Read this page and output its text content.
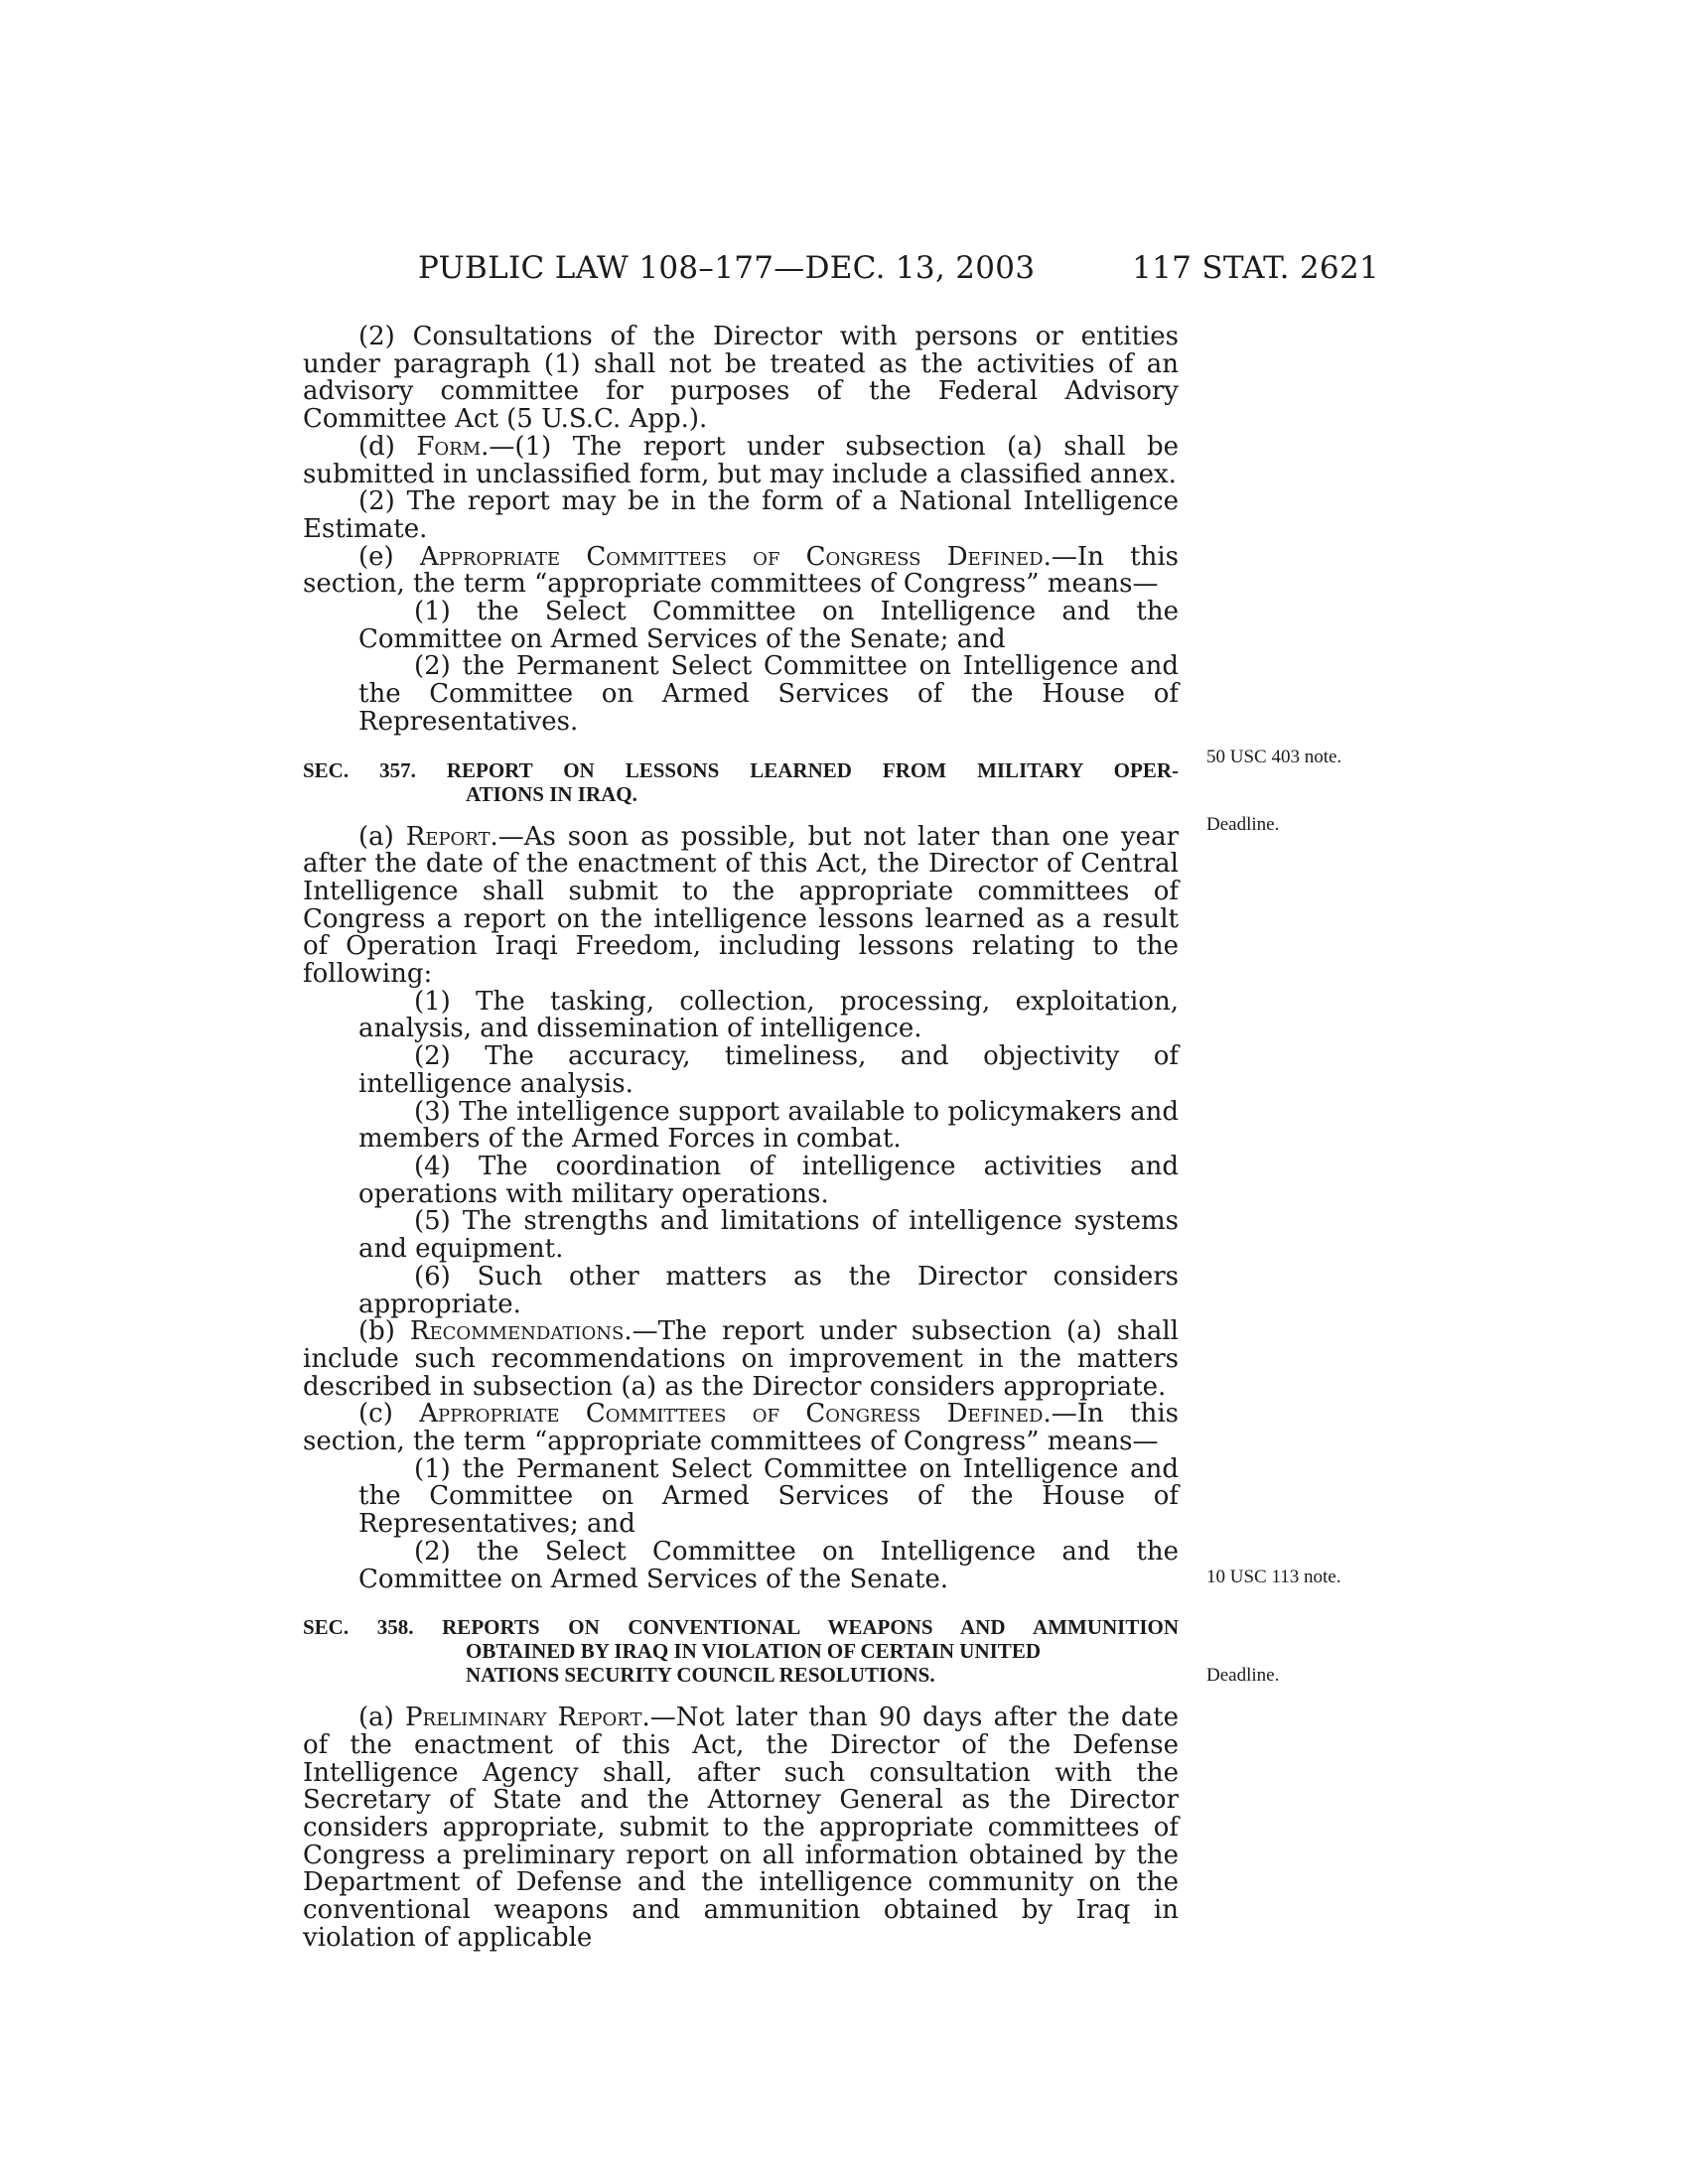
PUBLIC LAW 108–177—DEC. 13, 2003	117 STAT. 2621
50 USC 403 note.
Deadline.
10 USC 113 note.
Deadline.

(2) Consultations of the Director with persons or entities under paragraph (1) shall not be treated as the activities of an advisory committee for purposes of the Federal Advisory Committee Act (5 U.S.C. App.).

(d) Form.—(1) The report under subsection (a) shall be submitted in unclassified form, but may include a classified annex.

(2) The report may be in the form of a National Intelligence Estimate.

(e) Appropriate Committees of Congress Defined.—In this section, the term “appropriate committees of Congress” means—

(1) the Select Committee on Intelligence and the Committee on Armed Services of the Senate; and

(2) the Permanent Select Committee on Intelligence and the Committee on Armed Services of the House of Representatives.

SEC. 357. REPORT ON LESSONS LEARNED FROM MILITARY OPER-
ATIONS IN IRAQ.

(a) Report.—As soon as possible, but not later than one year after the date of the enactment of this Act, the Director of Central Intelligence shall submit to the appropriate committees of Congress a report on the intelligence lessons learned as a result of Operation Iraqi Freedom, including lessons relating to the following:

(1) The tasking, collection, processing, exploitation, analysis, and dissemination of intelligence.

(2) The accuracy, timeliness, and objectivity of intelligence analysis.

(3) The intelligence support available to policymakers and members of the Armed Forces in combat.

(4) The coordination of intelligence activities and operations with military operations.

(5) The strengths and limitations of intelligence systems and equipment.

(6) Such other matters as the Director considers appropriate.

(b) Recommendations.—The report under subsection (a) shall include such recommendations on improvement in the matters described in subsection (a) as the Director considers appropriate.

(c) Appropriate Committees of Congress Defined.—In this section, the term “appropriate committees of Congress” means—

(1) the Permanent Select Committee on Intelligence and the Committee on Armed Services of the House of Representatives; and

(2) the Select Committee on Intelligence and the Committee on Armed Services of the Senate.

SEC. 358. REPORTS ON CONVENTIONAL WEAPONS AND AMMUNITION
OBTAINED BY IRAQ IN VIOLATION OF CERTAIN UNITED
NATIONS SECURITY COUNCIL RESOLUTIONS.

(a) Preliminary Report.—Not later than 90 days after the date of the enactment of this Act, the Director of the Defense Intelligence Agency shall, after such consultation with the Secretary of State and the Attorney General as the Director considers appropriate, submit to the appropriate committees of Congress a preliminary report on all information obtained by the Department of Defense and the intelligence community on the conventional weapons and ammunition obtained by Iraq in violation of applicable
